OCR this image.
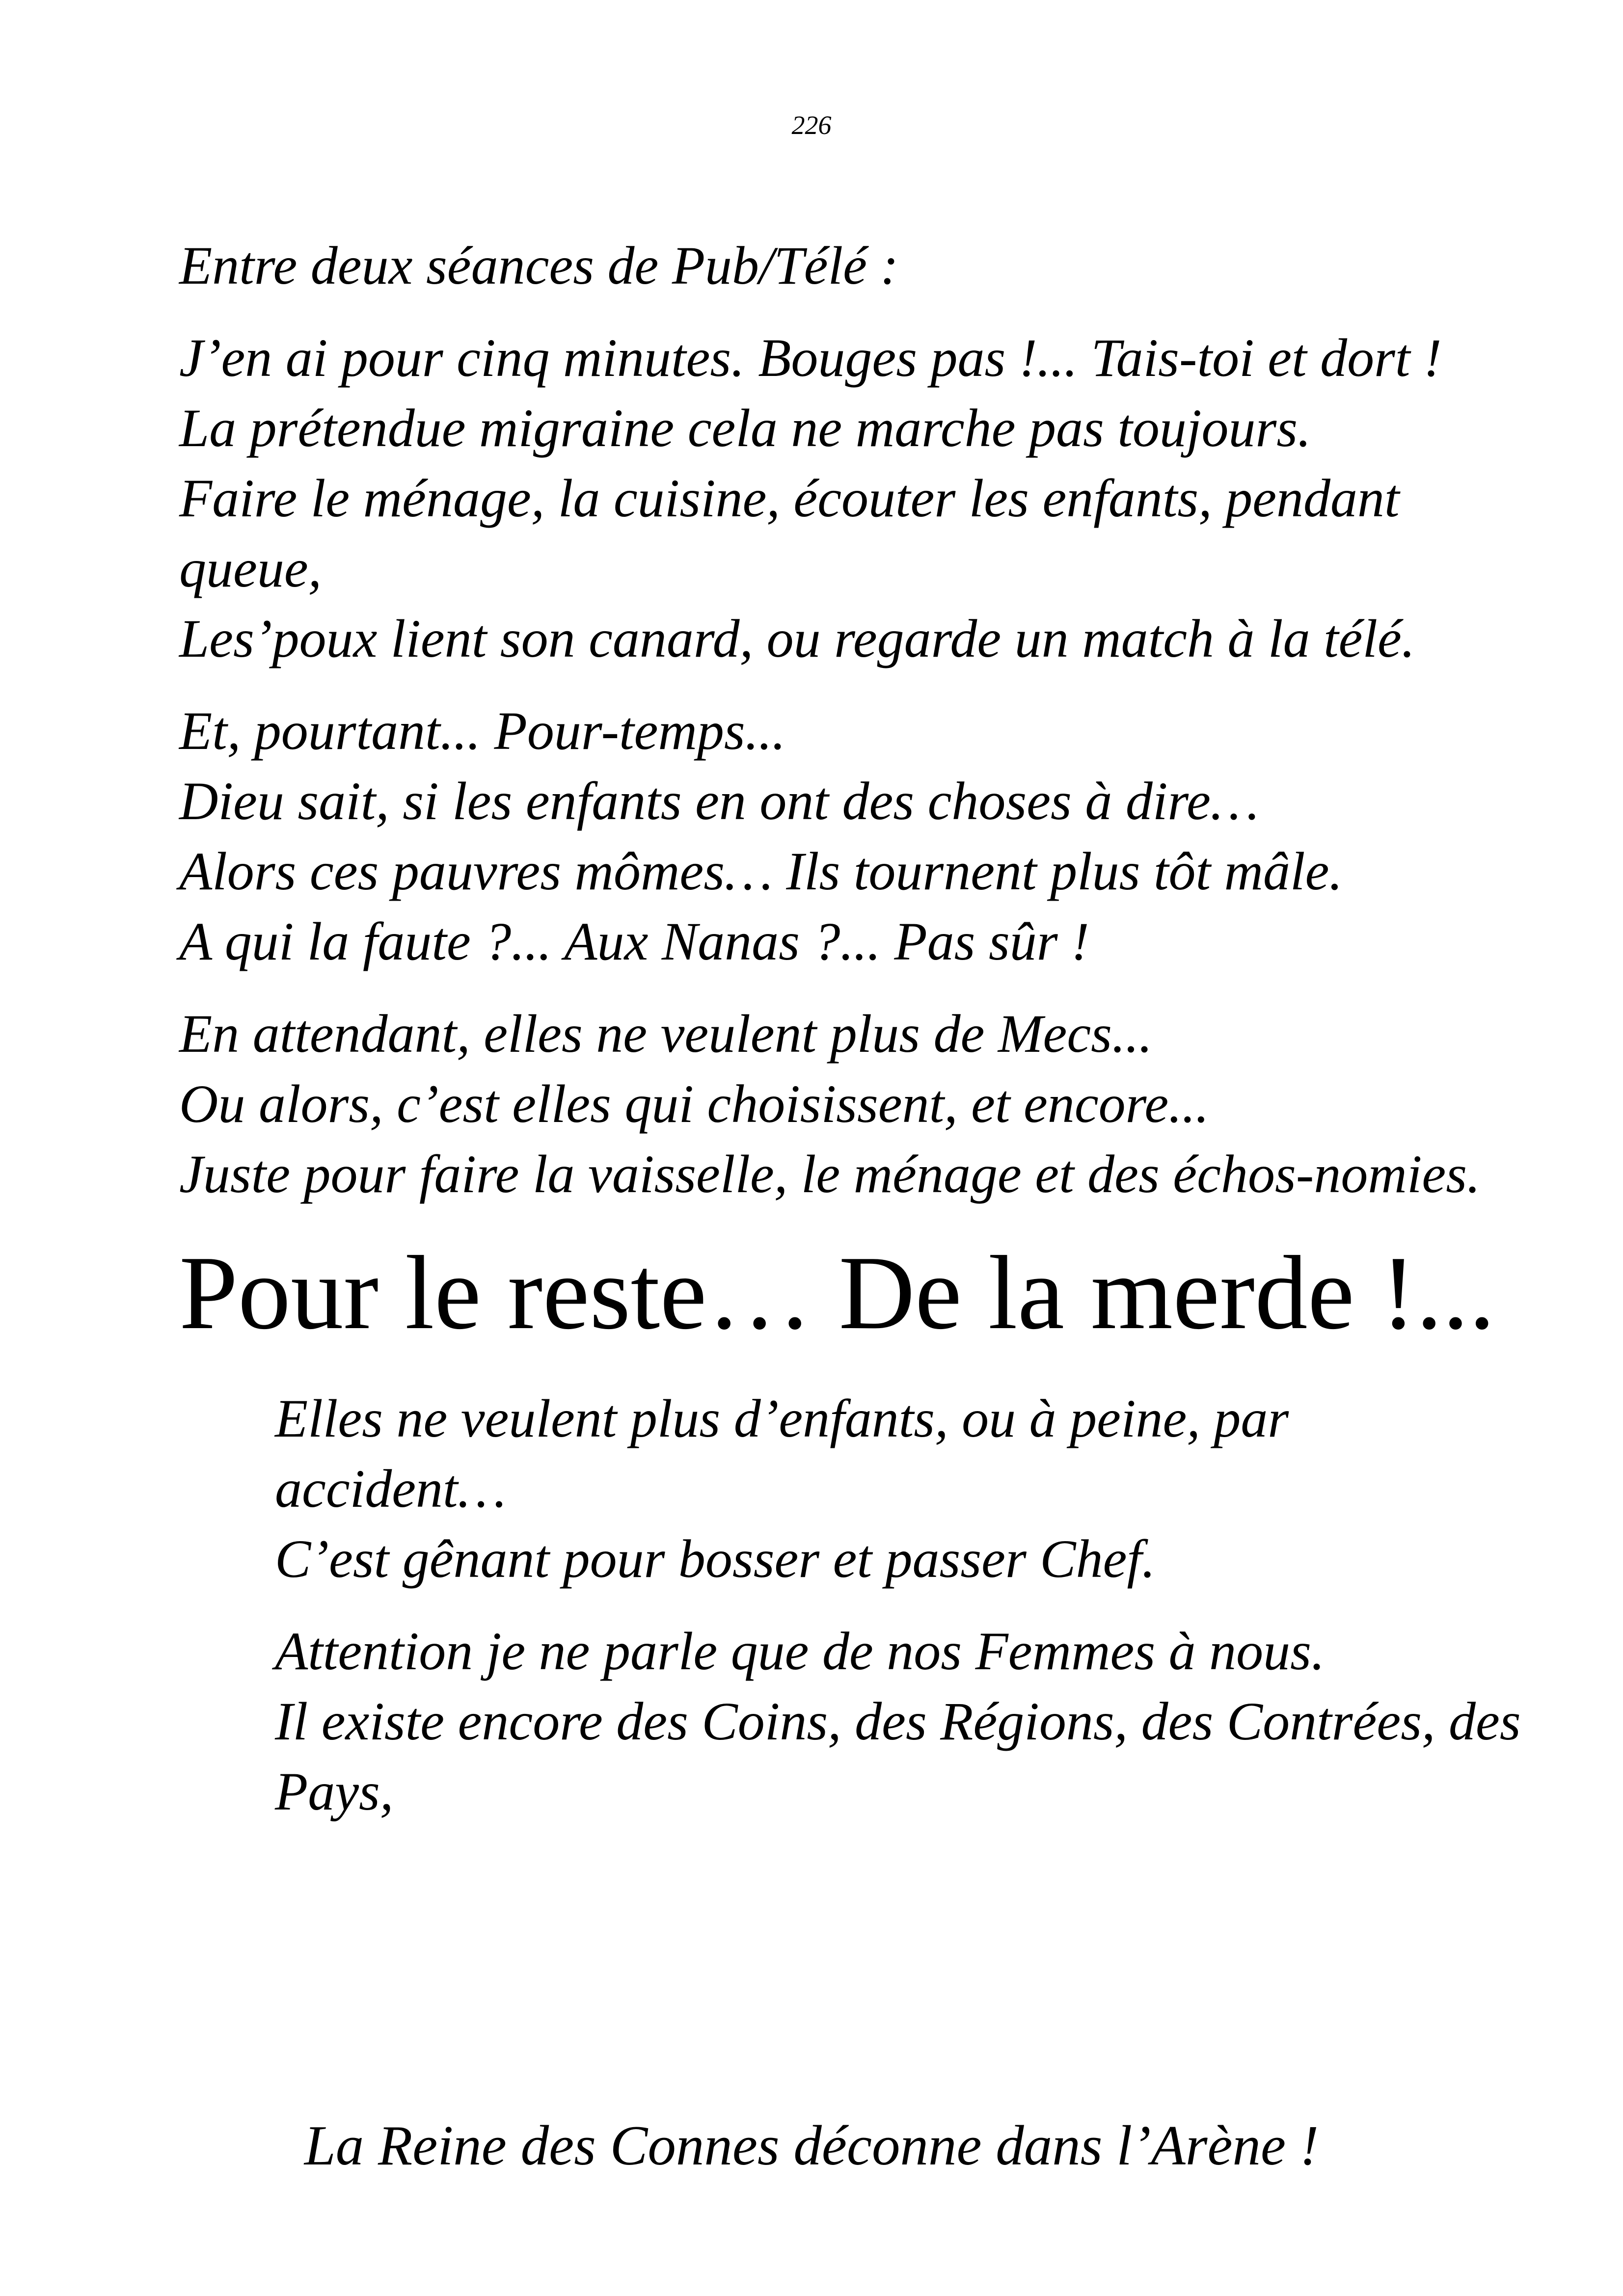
226
Entre deux séances de Pub/Télé :
J’en ai pour cinq minutes. Bouges pas !... Tais-toi et dort !
La prétendue migraine cela ne marche pas toujours.
Faire le ménage, la cuisine, écouter les enfants, pendant queue,
Les’poux lient son canard, ou regarde un match à la télé.
Et, pourtant... Pour-temps...
Dieu sait, si les enfants en ont des choses à dire…
Alors ces pauvres mômes… Ils tournent plus tôt mâle.
A qui la faute ?... Aux Nanas ?... Pas sûr !
En attendant, elles ne veulent plus de Mecs...
Ou alors, c’est elles qui choisissent, et encore...
Juste pour faire la vaisselle, le ménage et des échos-nomies.
Pour le reste… De la merde !...
Elles ne veulent plus d’enfants, ou à peine, par accident…
C’est gênant pour bosser et passer Chef.
Attention je ne parle que de nos Femmes à nous.
Il existe encore des Coins, des Régions, des Contrées, des Pays,
La Reine des Connes déconne dans l’Arène !
